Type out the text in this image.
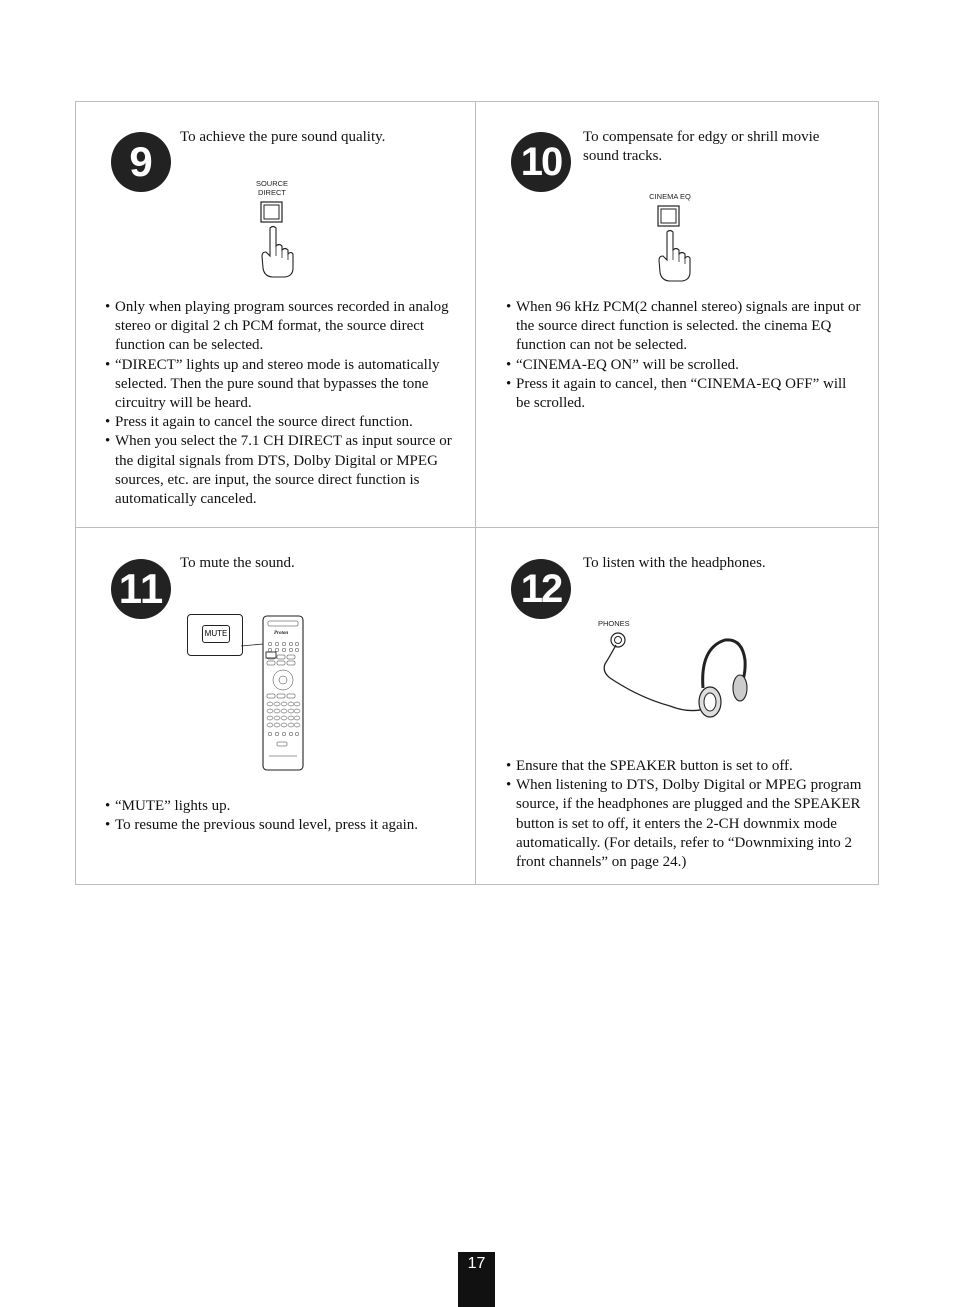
9

To achieve the pure sound quality.

SOURCE
DIRECT
• Only when playing program sources recorded in analog stereo or digital 2 ch PCM format, the source direct function can be selected.
• “DIRECT” lights up and stereo mode is automatically selected. Then the pure sound that bypasses the tone circuitry will be heard.
• Press it again to cancel the source direct function.
• When you select the 7.1 CH DIRECT as input source or the digital signals from DTS, Dolby Digital or MPEG sources, etc. are input, the source direct function is automatically canceled.
10

To compensate for edgy or shrill movie sound tracks.

CINEMA EQ
• When 96 kHz PCM(2 channel stereo) signals are input or the source direct function is selected. the cinema EQ function can not be selected.
• “CINEMA-EQ ON” will be scrolled.
• Press it again to cancel, then “CINEMA-EQ OFF” will be scrolled.
11

To mute the sound.

MUTE	Proton
• “MUTE” lights up.
• To resume the previous sound level, press it again.
12

To listen with the headphones.

PHONES
• Ensure that the SPEAKER button is set to off.
• When listening to DTS, Dolby Digital or MPEG program source, if the headphones are plugged and the SPEAKER button is set to off, it enters the 2-CH downmix mode automatically. (For details, refer to “Downmixing into 2 front channels” on page 24.)
17
